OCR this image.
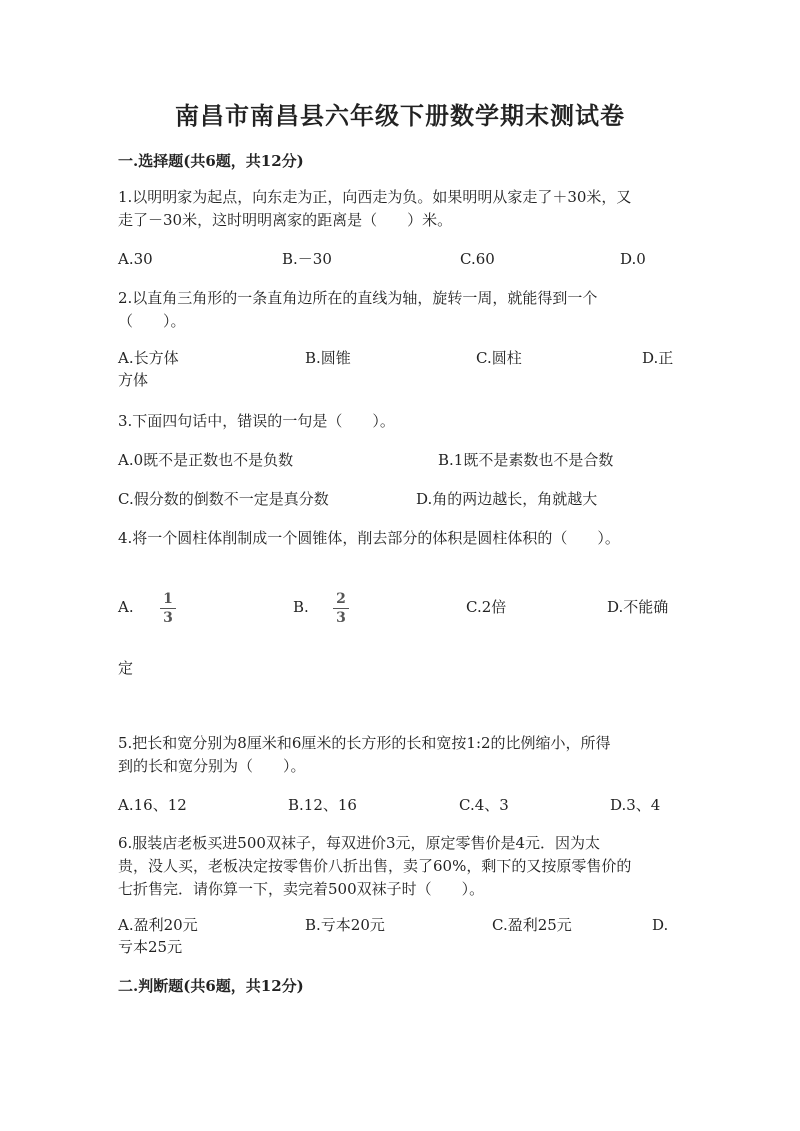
南昌市南昌县六年级下册数学期末测试卷
一.选择题(共6题，共12分)
1.以明明家为起点，向东走为正，向西走为负。如果明明从家走了＋30米，又
走了－30米，这时明明离家的距离是（　　）米。
A.30	B.－30	C.60	D.0
2.以直角三角形的一条直角边所在的直线为轴，旋转一周，就能得到一个
（　　）。
A.长方体	B.圆锥	C.圆柱	D.正
方体
3.下面四句话中，错误的一句是（　　）。
A.0既不是正数也不是负数	B.1既不是素数也不是合数
C.假分数的倒数不一定是真分数	D.角的两边越长，角就越大
4.将一个圆柱体削制成一个圆锥体，削去部分的体积是圆柱体积的（　　）。
A. 1
3
B. 2
3
C.2倍	D.不能确
定
5.把长和宽分别为8厘米和6厘米的长方形的长和宽按1:2的比例缩小，所得
到的长和宽分别为（　　）。
A.16、12	B.12、16	C.4、3	D.3、4
6.服装店老板买进500双袜子，每双进价3元，原定零售价是4元．因为太
贵，没人买，老板决定按零售价八折出售，卖了60%，剩下的又按原零售价的
七折售完．请你算一下，卖完着500双袜子时（　　）。
A.盈利20元	B.亏本20元	C.盈利25元	D.
亏本25元
二.判断题(共6题，共12分)
